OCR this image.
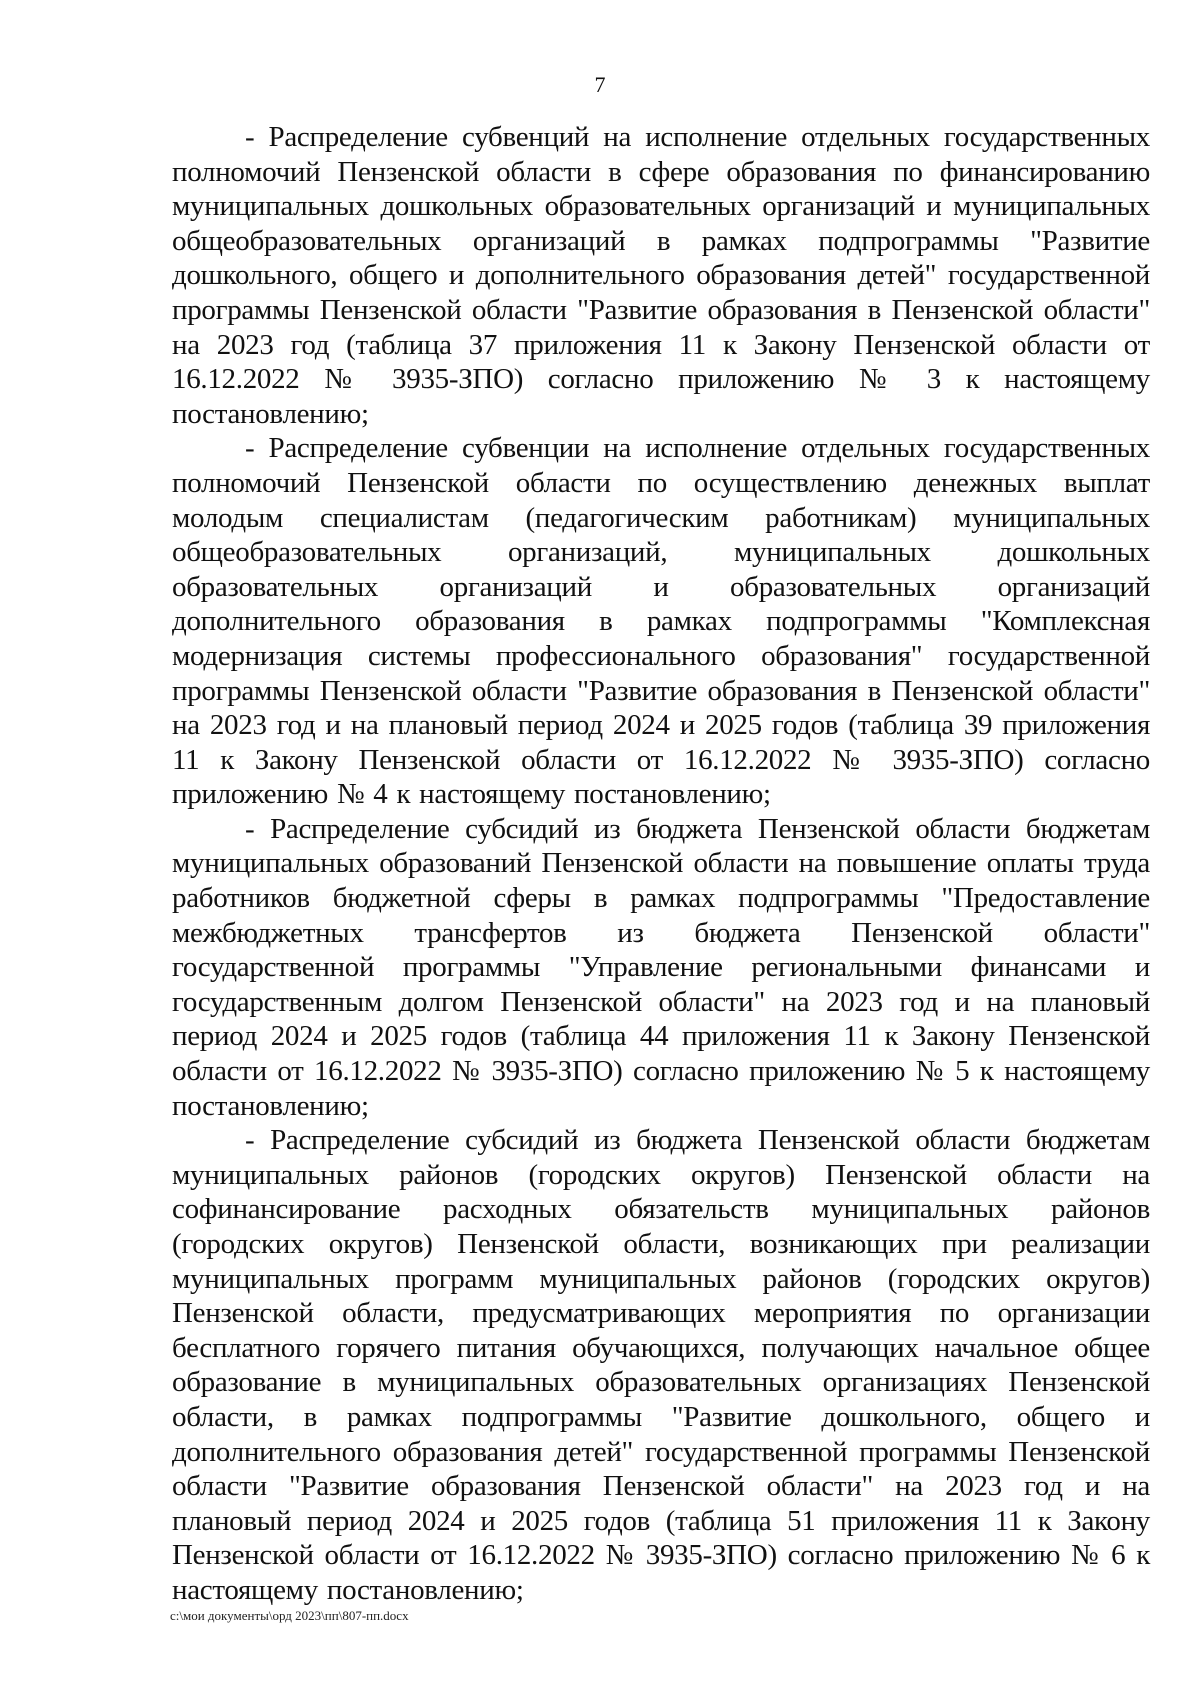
7

- Распределение субвенций на исполнение отдельных государственных полномочий Пензенской области в сфере образования по финансированию муниципальных дошкольных образовательных организаций и муниципальных общеобразовательных организаций в рамках подпрограммы "Развитие дошкольного, общего и дополнительного образования детей" государственной программы Пензенской области "Развитие образования в Пензенской области" на 2023 год (таблица 37 приложения 11 к Закону Пензенской области от 16.12.2022 № 3935-ЗПО) согласно приложению № 3 к настоящему постановлению;

- Распределение субвенции на исполнение отдельных государственных полномочий Пензенской области по осуществлению денежных выплат молодым специалистам (педагогическим работникам) муниципальных общеобразовательных организаций, муниципальных дошкольных образовательных организаций и образовательных организаций дополнительного образования в рамках подпрограммы "Комплексная модернизация системы профессионального образования" государственной программы Пензенской области "Развитие образования в Пензенской области" на 2023 год и на плановый период 2024 и 2025 годов (таблица 39 приложения 11 к Закону Пензенской области от 16.12.2022 № 3935-ЗПО) согласно приложению № 4 к настоящему постановлению;

- Распределение субсидий из бюджета Пензенской области бюджетам муниципальных образований Пензенской области на повышение оплаты труда работников бюджетной сферы в рамках подпрограммы "Предоставление межбюджетных трансфертов из бюджета Пензенской области" государственной программы "Управление региональными финансами и государственным долгом Пензенской области" на 2023 год и на плановый период 2024 и 2025 годов (таблица 44 приложения 11 к Закону Пензенской области от 16.12.2022 № 3935-ЗПО) согласно приложению № 5 к настоящему постановлению;

- Распределение субсидий из бюджета Пензенской области бюджетам муниципальных районов (городских округов) Пензенской области на софинансирование расходных обязательств муниципальных районов (городских округов) Пензенской области, возникающих при реализации муниципальных программ муниципальных районов (городских округов) Пензенской области, предусматривающих мероприятия по организации бесплатного горячего питания обучающихся, получающих начальное общее образование в муниципальных образовательных организациях Пензенской области, в рамках подпрограммы "Развитие дошкольного, общего и дополнительного образования детей" государственной программы Пензенской области "Развитие образования Пензенской области" на 2023 год и на плановый период 2024 и 2025 годов (таблица 51 приложения 11 к Закону Пензенской области от 16.12.2022 № 3935-ЗПО) согласно приложению № 6 к настоящему постановлению;

c:\мои документы\орд 2023\пп\807-пп.docx
